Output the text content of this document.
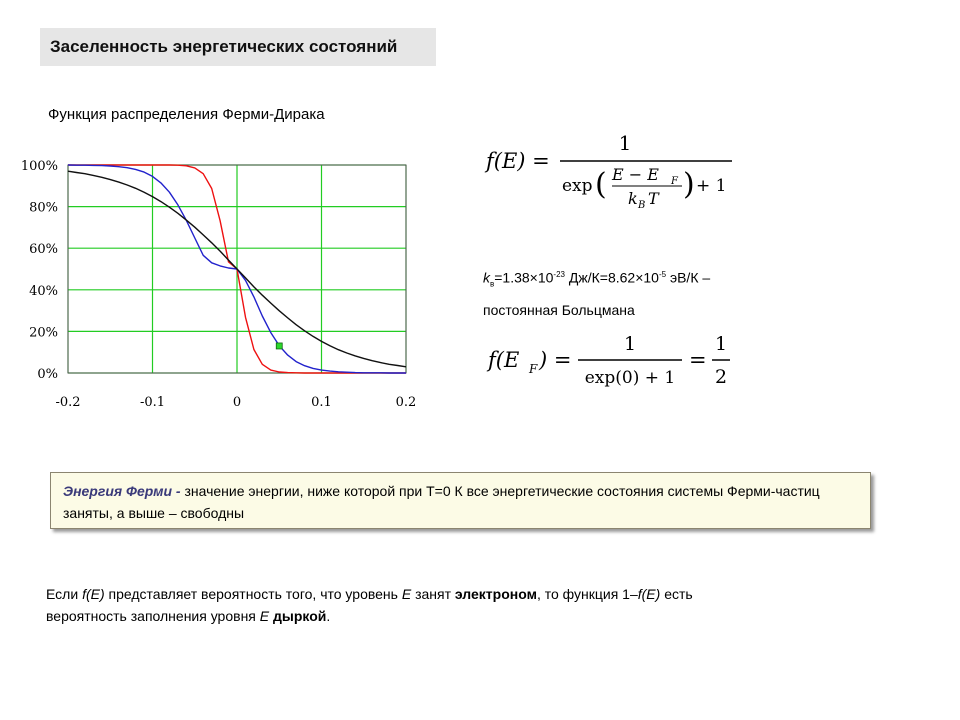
Заселенность энергетических состояний
Функция распределения Ферми-Дирака
0%
20%
40%
60%
80%
100%
-0.2	-0.1	0	0.1	0.2
f(E) =
1
exp ( E − E F
k B T ) + 1
$k_в=1.38\times 10^{-23}$ $Дж/К=8.62\times 10^{-5}$ эВ/К –
постоянная Больцмана
f(E F ) =
1
exp(0) + 1
=
1
2
Энергия Ферми - значение энергии, ниже которой при Т=0 К все энергетические состояния системы Ферми-частиц заняты, а выше – свободны
Если f(E) представляет вероятность того, что уровень E занят электроном, то функция 1–f(E) есть вероятность заполнения уровня E дыркой.
